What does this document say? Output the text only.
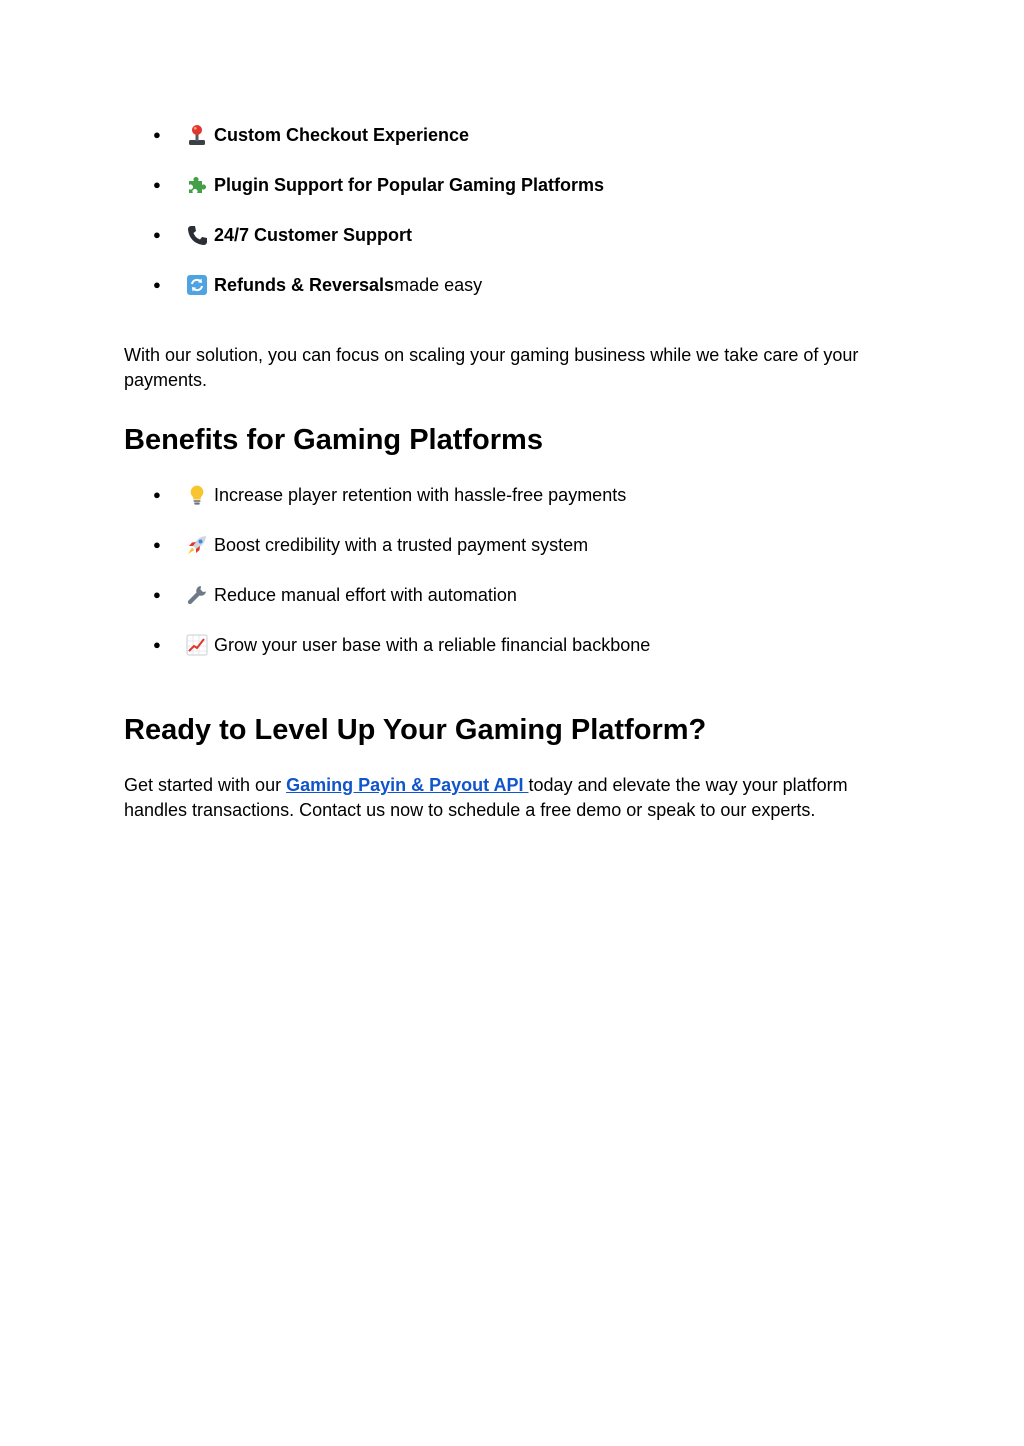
●	Custom Checkout Experience
●	Plugin Support for Popular Gaming Platforms
●	24/7 Customer Support
●	Refunds & Reversals made easy

With our solution, you can focus on scaling your gaming business while we take care of your payments.

Benefits for Gaming Platforms
●	Increase player retention with hassle-free payments
●	Boost credibility with a trusted payment system
●	Reduce manual effort with automation
●	Grow your user base with a reliable financial backbone
Ready to Level Up Your Gaming Platform?

Get started with our Gaming Payin & Payout API today and elevate the way your platform handles transactions. Contact us now to schedule a free demo or speak to our experts.
